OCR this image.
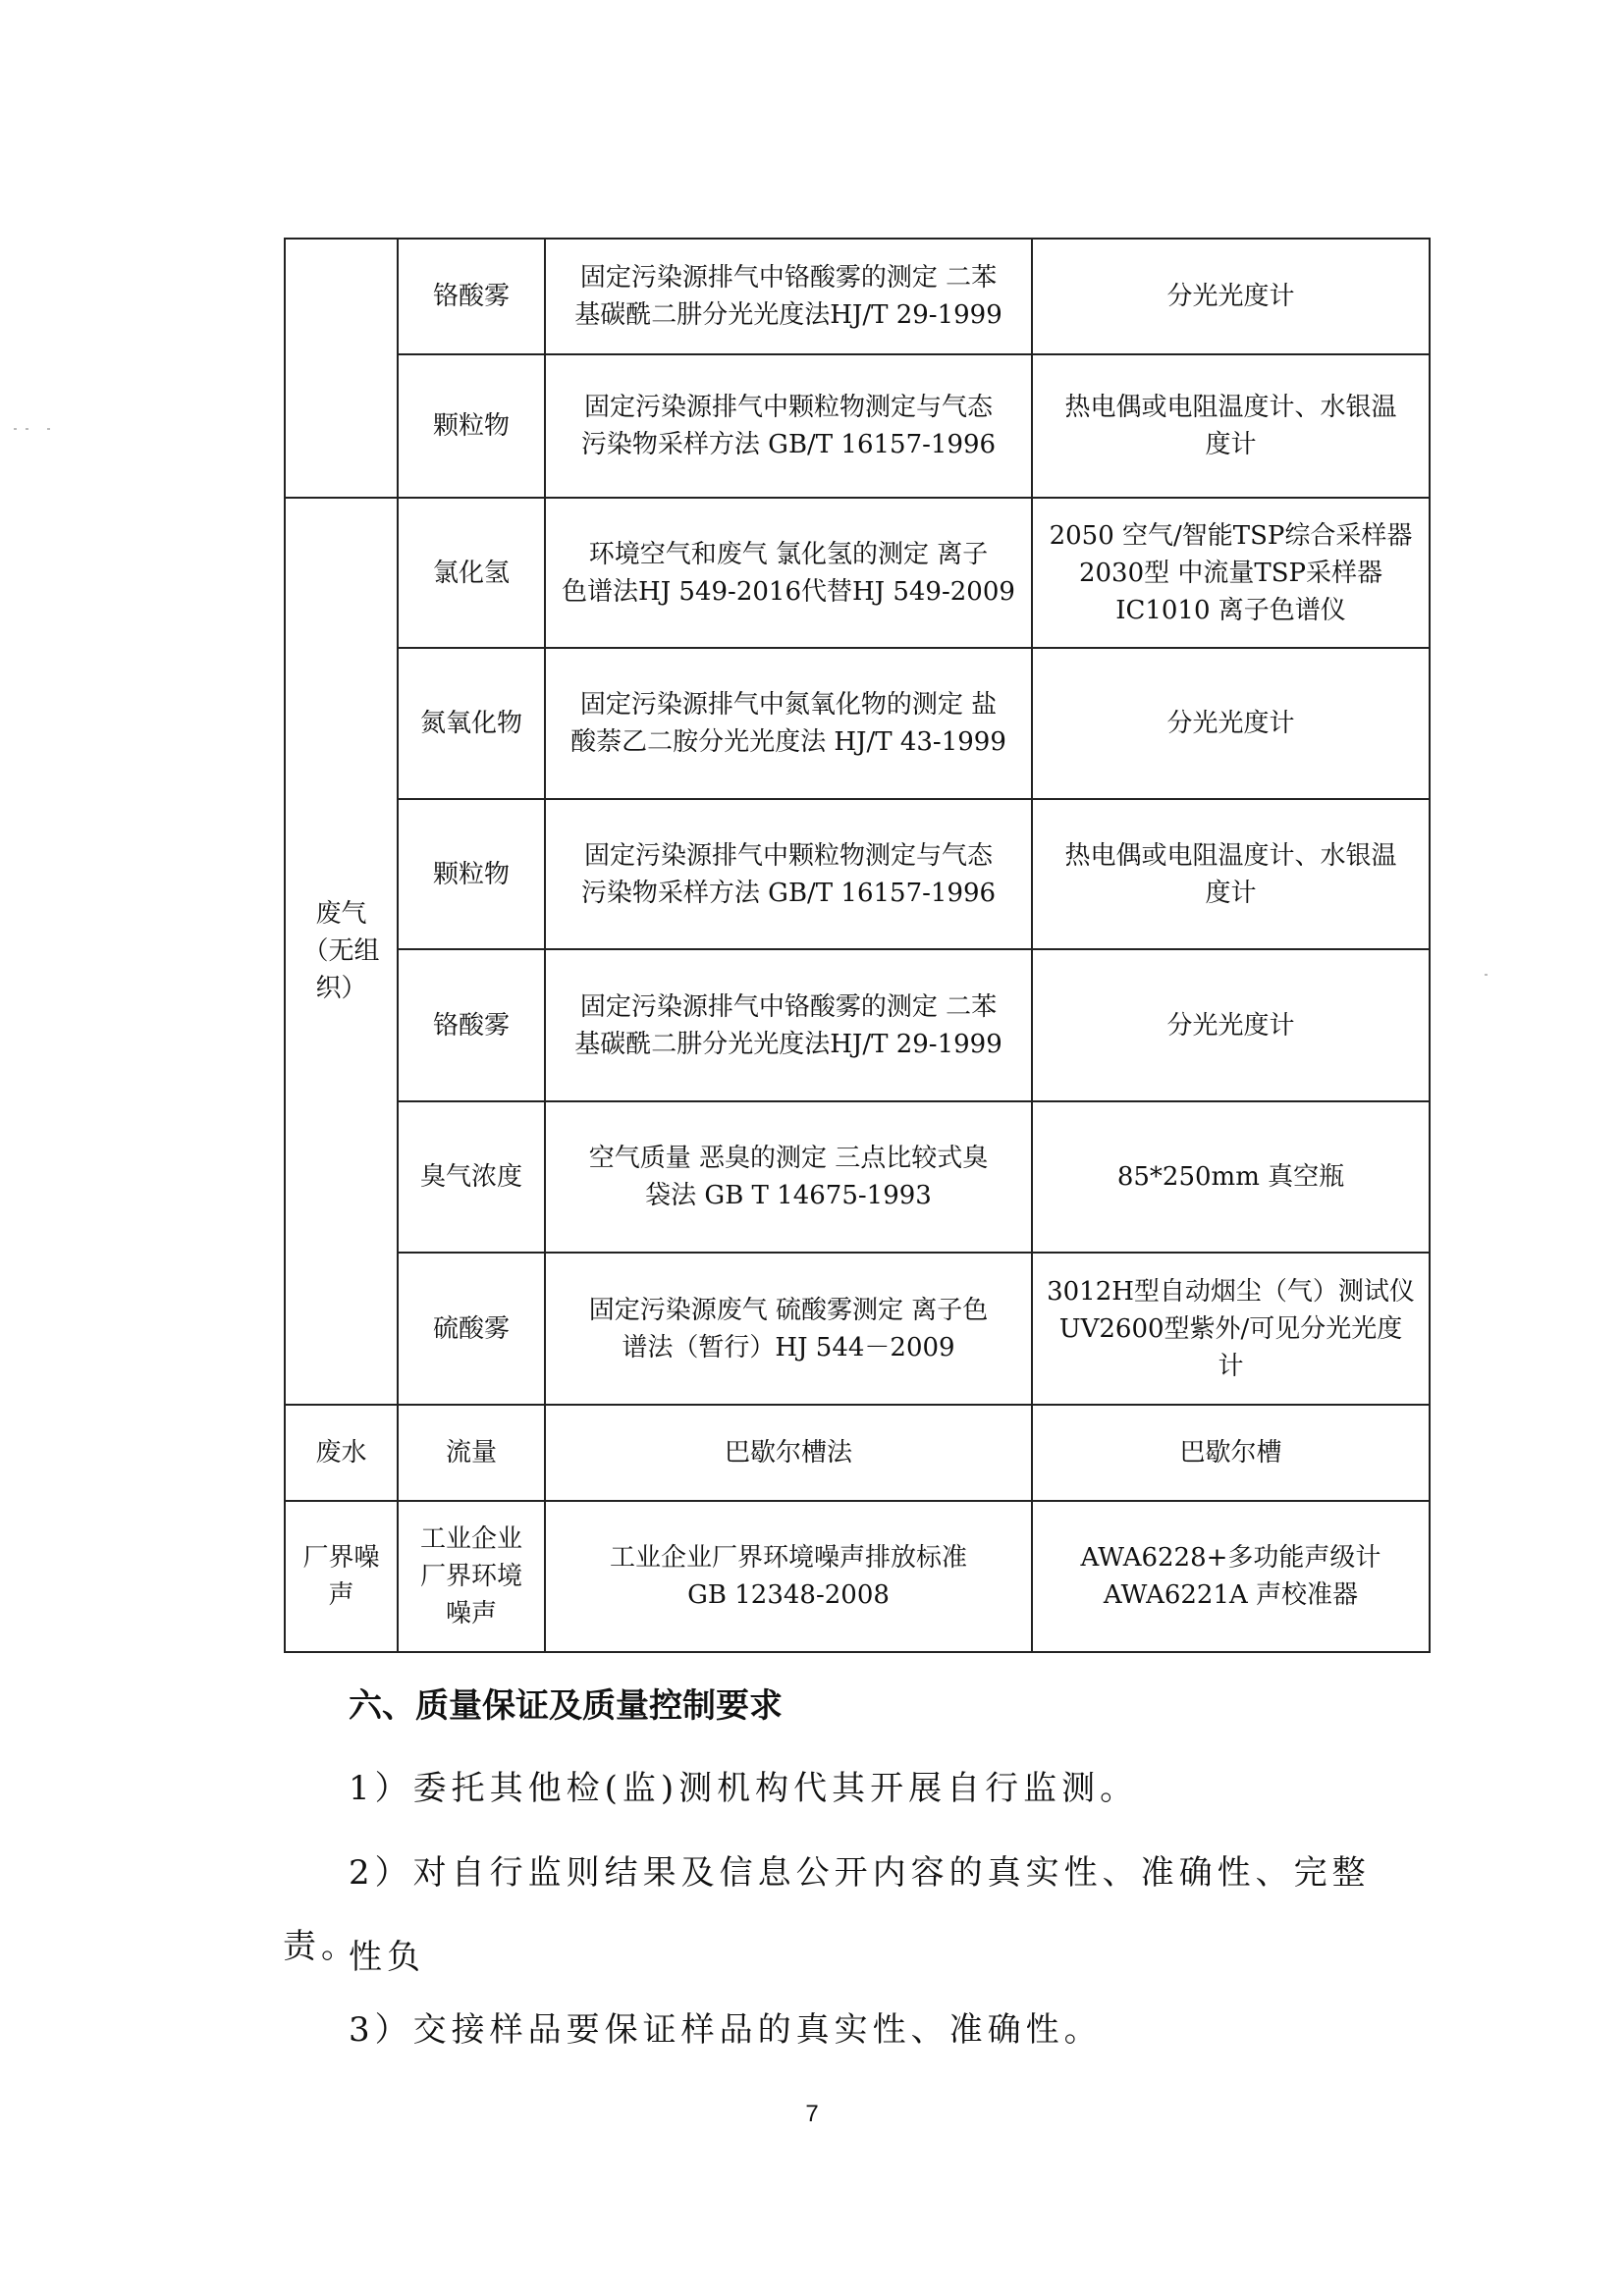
	铬酸雾	固定污染源排气中铬酸雾的测定 二苯
基碳酰二肼分光光度法HJ/T 29-1999	分光光度计

	颗粒物	固定污染源排气中颗粒物测定与气态
污染物采样方法 GB/T 16157-1996	热电偶或电阻温度计、水银温
度计

废气
（无组
织）	氯化氢	环境空气和废气 氯化氢的测定 离子
色谱法HJ 549-2016代替HJ 549-2009	2050 空气/智能TSP综合采样器
2030型 中流量TSP采样器
IC1010 离子色谱仪

	氮氧化物	固定污染源排气中氮氧化物的测定 盐
酸萘乙二胺分光光度法 HJ/T 43-1999	分光光度计

	颗粒物	固定污染源排气中颗粒物测定与气态
污染物采样方法 GB/T 16157-1996	热电偶或电阻温度计、水银温
度计

	铬酸雾	固定污染源排气中铬酸雾的测定 二苯
基碳酰二肼分光光度法HJ/T 29-1999	分光光度计

	臭气浓度	空气质量 恶臭的测定 三点比较式臭
袋法 GB T 14675-1993	85*250mm 真空瓶

	硫酸雾	固定污染源废气 硫酸雾测定 离子色
谱法（暂行）HJ 544－2009	3012H型自动烟尘（气）测试仪
UV2600型紫外/可见分光光度
计

废水	流量	巴歇尔槽法	巴歇尔槽

厂界噪
声	工业企业
厂界环境
噪声	工业企业厂界环境噪声排放标准
GB 12348-2008	AWA6228+多功能声级计
AWA6221A 声校准器
六、质量保证及质量控制要求

1）委托其他检(监)测机构代其开展自行监测。

2）对自行监则结果及信息公开内容的真实性、准确性、完整性负

责。

3）交接样品要保证样品的真实性、准确性。

7
